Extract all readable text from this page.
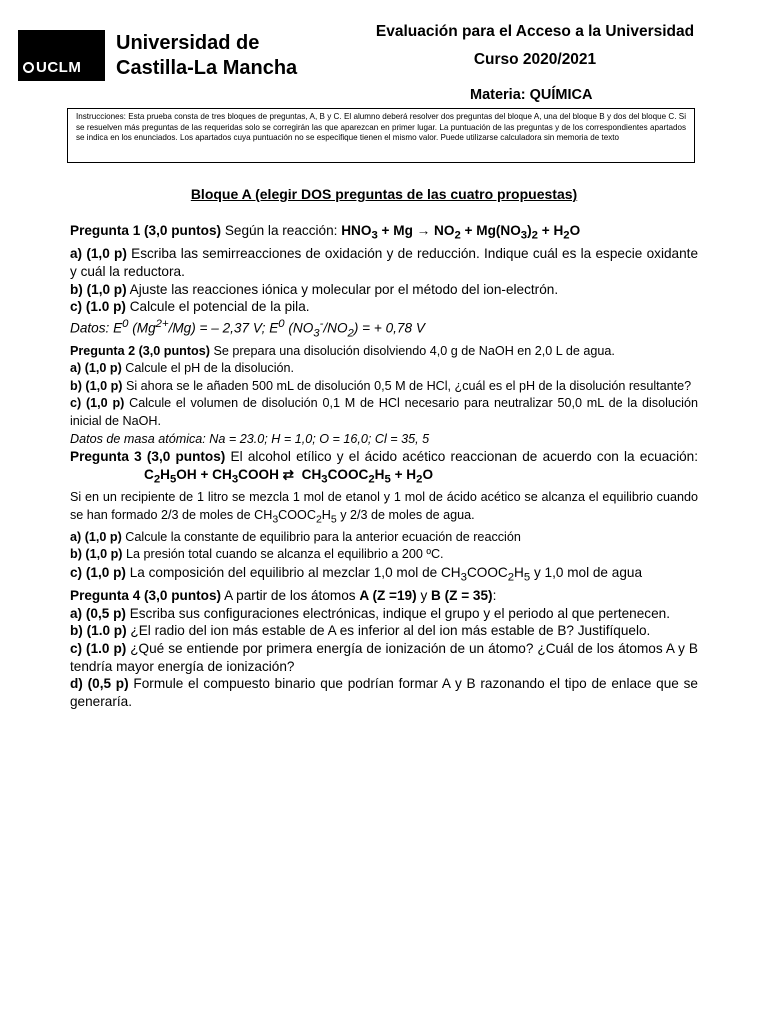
UCLM
Universidad de
Castilla-La Mancha
Evaluación para el Acceso a la Universidad
Curso 2020/2021
Materia: QUÍMICA
Instrucciones: Esta prueba consta de tres bloques de preguntas, A, B y C. El alumno deberá resolver dos preguntas del bloque A, una del bloque B y dos del bloque C. Si se resuelven más preguntas de las requeridas solo se corregirán las que aparezcan en primer lugar. La puntuación de las preguntas y de los correspondientes apartados se indica en los enunciados. Los apartados cuya puntuación no se especifique tienen el mismo valor. Puede utilizarse calculadora sin memoria de texto
Bloque A (elegir DOS preguntas de las cuatro propuestas)

Pregunta 1 (3,0 puntos) Según la reacción: $HNO_3 + Mg \to NO_2 + Mg(NO_3)_2 + H_2O$

a) (1,0 p) Escriba las semirreacciones de oxidación y de reducción. Indique cuál es la especie oxidante y cuál la reductora.

b) (1,0 p) Ajuste las reacciones iónica y molecular por el método del ion-electrón.

c) (1.0 p) Calcule el potencial de la pila.

Datos: $E^0$ $(Mg^{2+}/Mg)$ = – 2,37 V; $E^0$ $(NO_3^-/NO_2)$ = + 0,78 V

Pregunta 2 (3,0 puntos) Se prepara una disolución disolviendo 4,0 g de NaOH en 2,0 L de agua.

a) (1,0 p) Calcule el pH de la disolución.

b) (1,0 p) Si ahora se le añaden 500 mL de disolución 0,5 M de HCl, ¿cuál es el pH de la disolución resultante?

c) (1,0 p) Calcule el volumen de disolución 0,1 M de HCl necesario para neutralizar 50,0 mL de la disolución inicial de NaOH.

Datos de masa atómica: Na = 23.0; H = 1,0; O = 16,0; Cl = 35, 5

Pregunta 3 (3,0 puntos) El alcohol etílico y el ácido acético reaccionan de acuerdo con la ecuación: $C_2H_5OH$ + $CH_3COOH$ ⇄  $CH_3COOC_2H_5 + H_2O$

Si en un recipiente de 1 litro se mezcla 1 mol de etanol y 1 mol de ácido acético se alcanza el equilibrio cuando se han formado 2/3 de moles de $CH_3COOC_2H_5$ y 2/3 de moles de agua.

a) (1,0 p) Calcule la constante de equilibrio para la anterior ecuación de reacción

b) (1,0 p) La presión total cuando se alcanza el equilibrio a 200 ºC.

c) (1,0 p) La composición del equilibrio al mezclar 1,0 mol de $CH_3COOC_2H_5$ y 1,0 mol de agua

Pregunta 4 (3,0 puntos) A partir de los átomos A (Z =19) y B (Z = 35):

a) (0,5 p) Escriba sus configuraciones electrónicas, indique el grupo y el periodo al que pertenecen.

b) (1.0 p) ¿El radio del ion más estable de A es inferior al del ion más estable de B? Justifíquelo.

c) (1.0 p) ¿Qué se entiende por primera energía de ionización de un átomo? ¿Cuál de los átomos A y B tendría mayor energía de ionización?

d) (0,5 p) Formule el compuesto binario que podrían formar A y B razonando el tipo de enlace que se generaría.
